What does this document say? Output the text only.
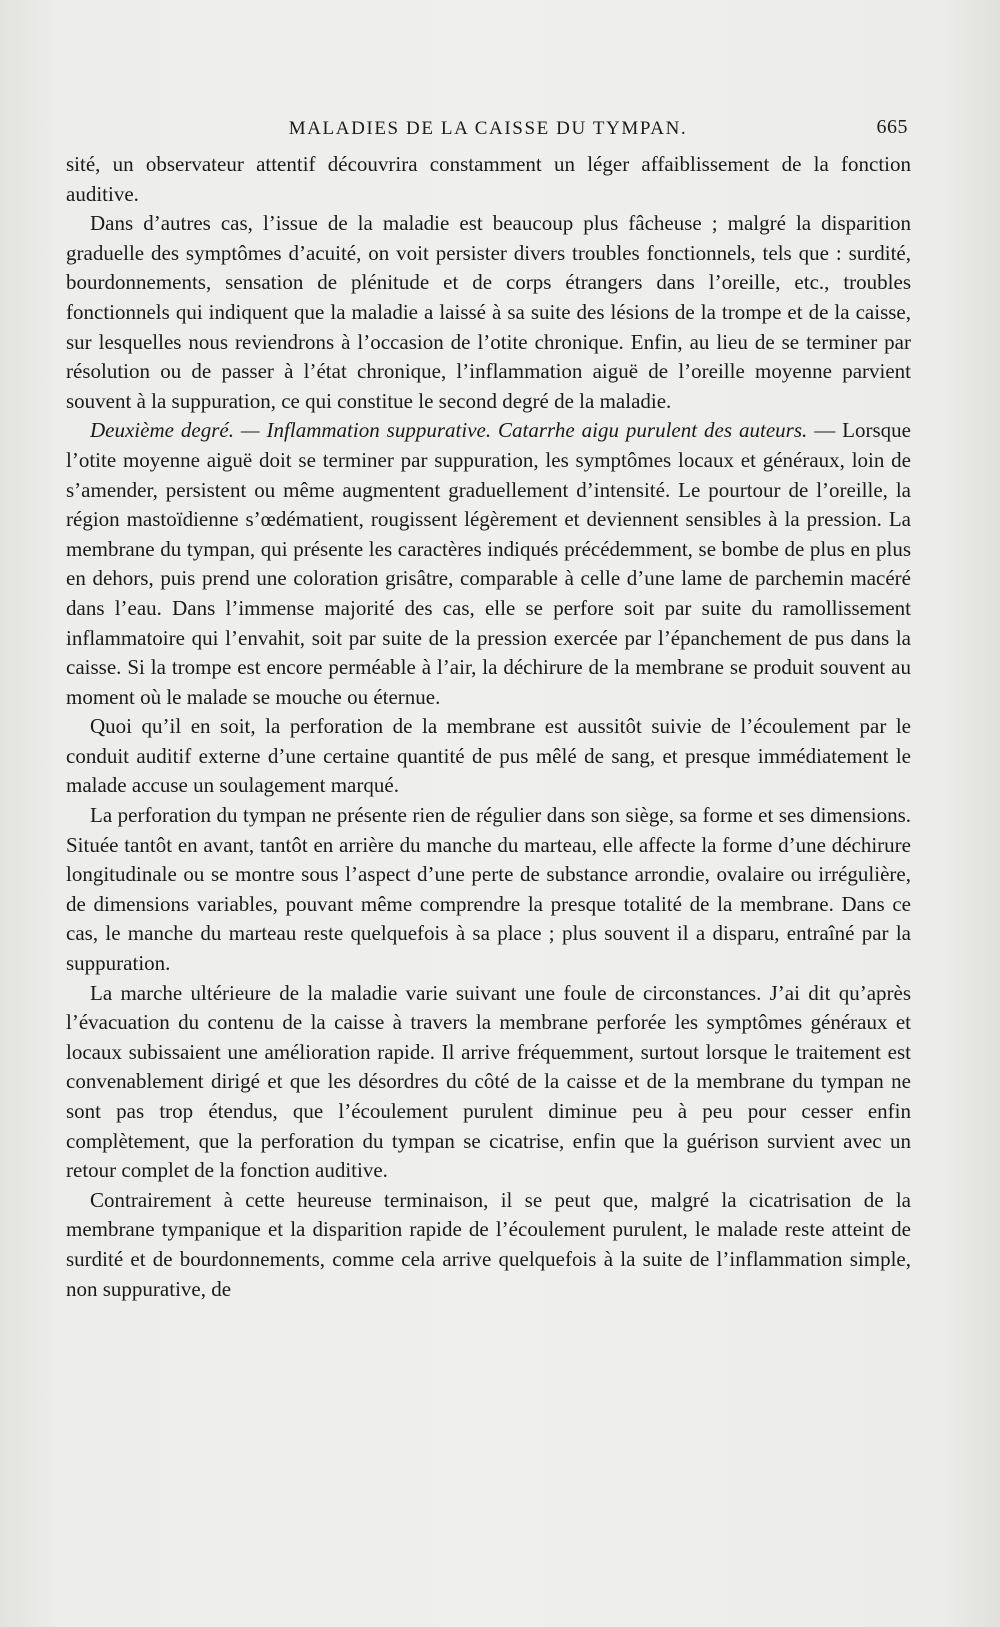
MALADIES DE LA CAISSE DU TYMPAN.	665

sité, un observateur attentif découvrira constamment un léger affaiblissement de la fonction auditive.

Dans d’autres cas, l’issue de la maladie est beaucoup plus fâcheuse ; malgré la disparition graduelle des symptômes d’acuité, on voit persister divers troubles fonctionnels, tels que : surdité, bourdonnements, sensation de plénitude et de corps étrangers dans l’oreille, etc., troubles fonctionnels qui indiquent que la maladie a laissé à sa suite des lésions de la trompe et de la caisse, sur lesquelles nous reviendrons à l’occasion de l’otite chronique. Enfin, au lieu de se terminer par résolution ou de passer à l’état chronique, l’inflammation aiguë de l’oreille moyenne parvient souvent à la suppuration, ce qui constitue le second degré de la maladie.

Deuxième degré. — Inflammation suppurative. Catarrhe aigu purulent des auteurs. — Lorsque l’otite moyenne aiguë doit se terminer par suppuration, les symptômes locaux et généraux, loin de s’amender, persistent ou même augmentent graduellement d’intensité. Le pourtour de l’oreille, la région mastoïdienne s’œdématient, rougissent légèrement et deviennent sensibles à la pression. La membrane du tympan, qui présente les caractères indiqués précédemment, se bombe de plus en plus en dehors, puis prend une coloration grisâtre, comparable à celle d’une lame de parchemin macéré dans l’eau. Dans l’immense majorité des cas, elle se perfore soit par suite du ramollissement inflammatoire qui l’envahit, soit par suite de la pression exercée par l’épanchement de pus dans la caisse. Si la trompe est encore perméable à l’air, la déchirure de la membrane se produit souvent au moment où le malade se mouche ou éternue.

Quoi qu’il en soit, la perforation de la membrane est aussitôt suivie de l’écoulement par le conduit auditif externe d’une certaine quantité de pus mêlé de sang, et presque immédiatement le malade accuse un soulagement marqué.

La perforation du tympan ne présente rien de régulier dans son siège, sa forme et ses dimensions. Située tantôt en avant, tantôt en arrière du manche du marteau, elle affecte la forme d’une déchirure longitudinale ou se montre sous l’aspect d’une perte de substance arrondie, ovalaire ou irrégulière, de dimensions variables, pouvant même comprendre la presque totalité de la membrane. Dans ce cas, le manche du marteau reste quelquefois à sa place ; plus souvent il a disparu, entraîné par la suppuration.

La marche ultérieure de la maladie varie suivant une foule de circonstances. J’ai dit qu’après l’évacuation du contenu de la caisse à travers la membrane perforée les symptômes généraux et locaux subissaient une amélioration rapide. Il arrive fréquemment, surtout lorsque le traitement est convenablement dirigé et que les désordres du côté de la caisse et de la membrane du tympan ne sont pas trop étendus, que l’écoulement purulent diminue peu à peu pour cesser enfin complètement, que la perforation du tympan se cicatrise, enfin que la guérison survient avec un retour complet de la fonction auditive.

Contrairement à cette heureuse terminaison, il se peut que, malgré la cicatrisation de la membrane tympanique et la disparition rapide de l’écoulement purulent, le malade reste atteint de surdité et de bourdonnements, comme cela arrive quelquefois à la suite de l’inflammation simple, non suppurative, de
